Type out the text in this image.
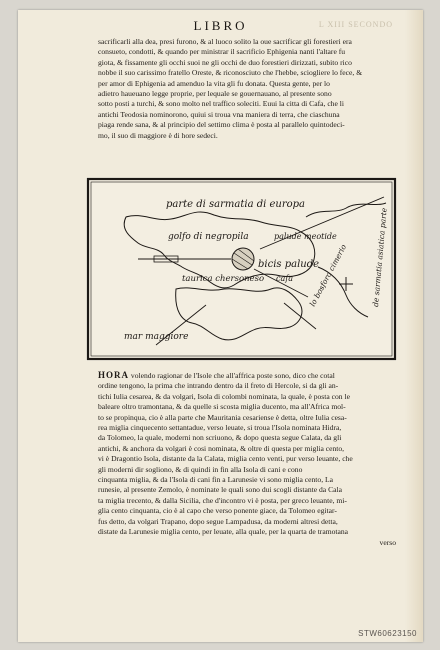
LIBRO	L XIII SECONDO
sacrificarli alla dea, presi furono, & al luoco solito la oue sacrificar gli forestieri era
consueto, condotti, & quando per ministrar il sacrificio Ephigenia nanti l'altare fu
giota, & fissamente gli occhi suoi ne gli occhi de duo forestieri dirizzati, subito rico
nobbe il suo carissimo fratello Oreste, & riconosciuto che l'hebbe, sciogliere lo fece, &
per amor di Ephigenia ad amenduo la vita gli fu donata. Questa gente, per lo
adietro haueuano legge proprie, per lequale se gouernauano, al presente sono
sotto posti a turchi, & sono molto nel traffico soleciti. Euui la citta di Cafa, che li
antichi Teodosia nominorono, quiui si troua vna maniera di terra, che ciaschuna
piaga rende sana, & al principio del settimo clima è posta al parallelo quintodeci-
mo, il suo di maggiore è di hore sedeci.
parte di sarmatia di europa
golfo di negropila	palude meotide
bicis palude
taurica chersoneso cafa lo bosforo cimerio	de sarmatia asiatica parte
mar maggiore
HORA volendo ragionar de l'Isole che all'affrica poste sono, dico che cotal
ordine tengono, la prima che intrando dentro da il freto di Hercole, si da gli an-
tichi Iulia cesarea, & da volgari, Isola di colombi nominata, la quale, è posta con le
baleare oltro tramontana, & da quelle si scosta miglia ducento, ma all'Africa mol-
to se propinqua, cio è alla parte che Mauritania cesariense è detta, oltre Iulia cesa-
rea miglia cinquecento settantadue, verso leuate, si troua l'Isola nominata Hidra,
da Tolomeo, la quale, moderni non scriuono, & dopo questa segue Calata, da gli
antichi, & anchora da volgari è cosi nominata, & oltre di questa per miglia cento,
vi è Dragontio Isola, distante da la Calata, miglia cento venti, pur verso leuante, che
gli moderni dir sogliono, & di quindi in fin alla Isola di cani e cono
cinquanta miglia, & da l'Isola di cani fin a Larunesie vi sono miglia cento, La
runesie, al presente Zemolo, è nominate le quali sono dui scogli distante da Cala
ta miglia trecento, & dalla Sicilia, che d'incontro vi è posta, per greco leuante, mi-
glia cento cinquanta, cio è al capo che verso ponente giace, da Tolomeo egitar-
fus detto, da volgari Trapano, dopo segue Lampadusa, da moderni altresi detta,
distate da Larunesie miglia cento, per leuate, alla quale, per la quarta de tramotana
verso
STW60623150
